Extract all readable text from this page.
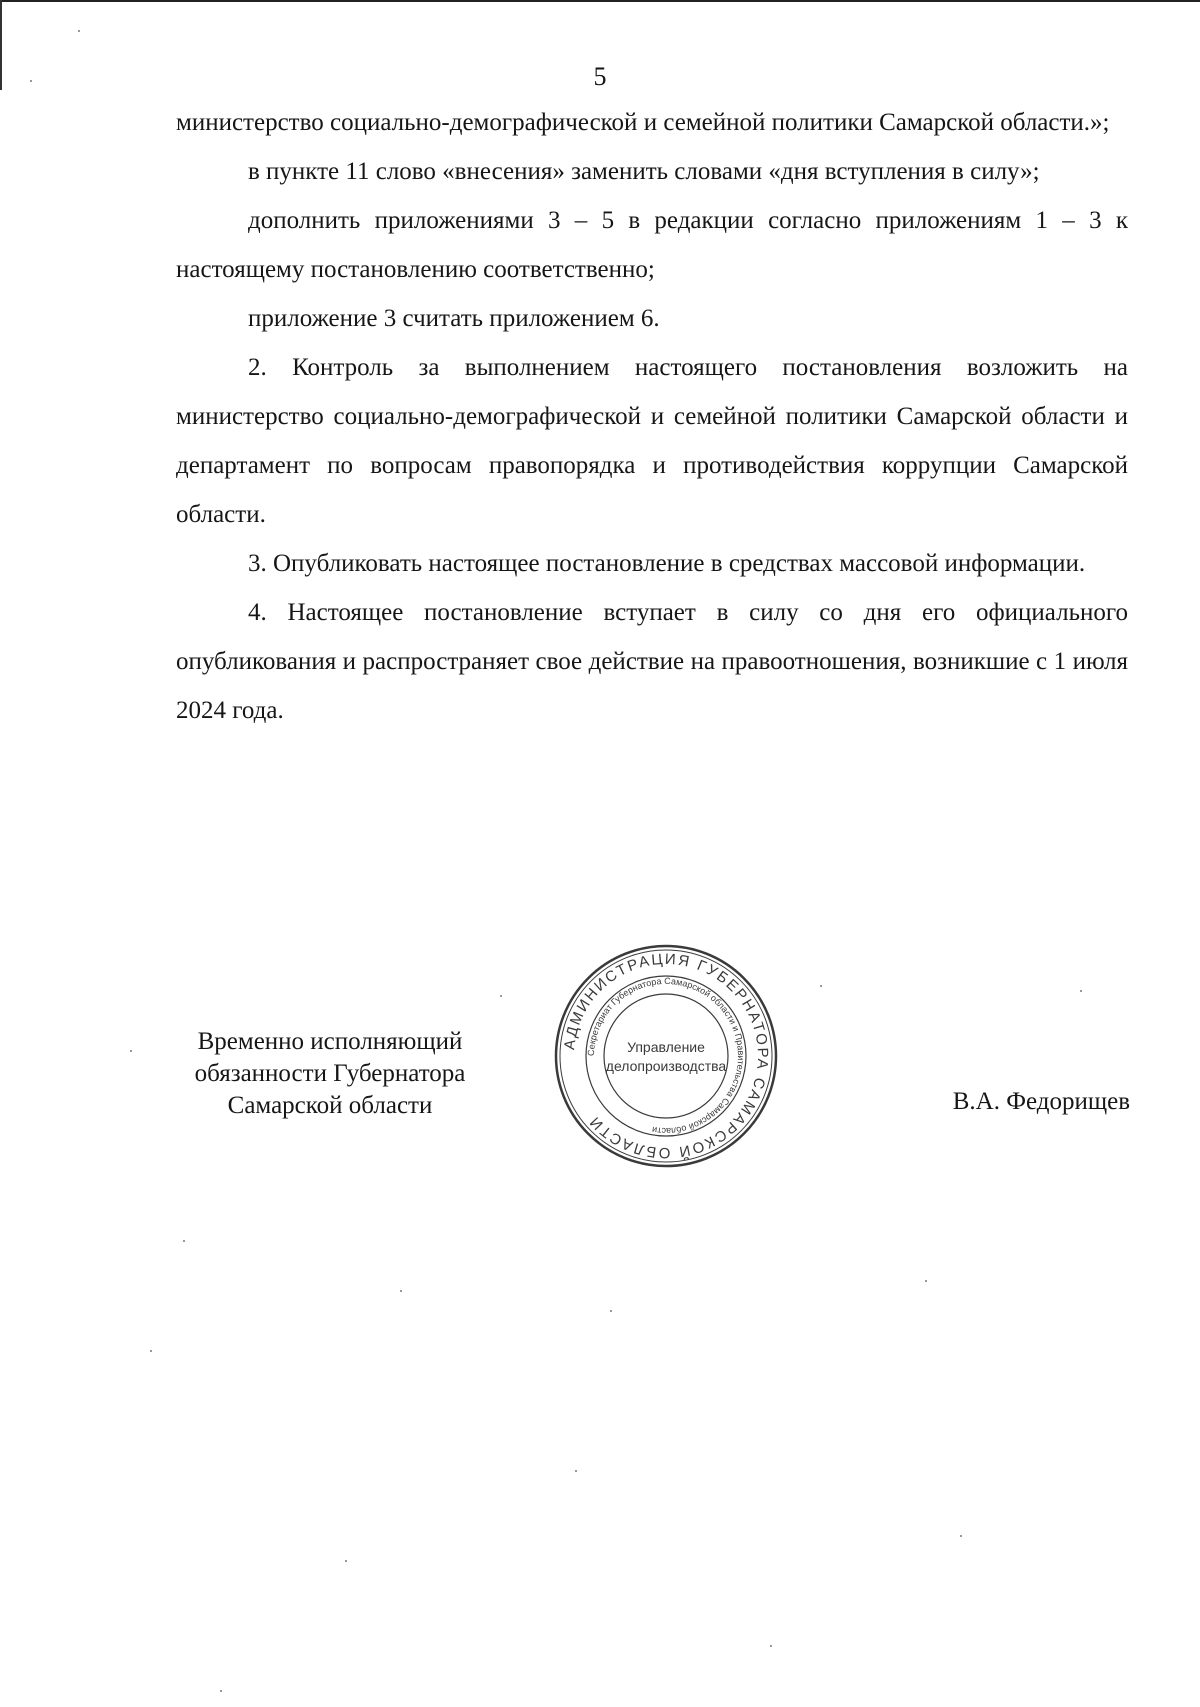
5

министерство социально-демографической и семейной политики Самарской области.»;

в пункте 11 слово «внесения» заменить словами «дня вступления в силу»;

дополнить приложениями 3 – 5 в редакции согласно приложениям 1 – 3 к настоящему постановлению соответственно;

приложение 3 считать приложением 6.

2. Контроль за выполнением настоящего постановления возложить на министерство социально-демографической и семейной политики Самарской области и департамент по вопросам правопорядка и противодействия коррупции Самарской области.

3. Опубликовать настоящее постановление в средствах массовой информации.

4. Настоящее постановление вступает в силу со дня его официального опубликования и распространяет свое действие на правоотношения, возникшие с 1 июля 2024 года.

Временно исполняющий
обязанности Губернатора
Самарской области
АДМИНИСТРАЦИЯ ГУБЕРНАТОРА САМАРСКОЙ ОБЛАСТИ
Секретариат Губернатора Самарской области и Правительства Самарской области
Управление
делопроизводства
В.А. Федорищев
